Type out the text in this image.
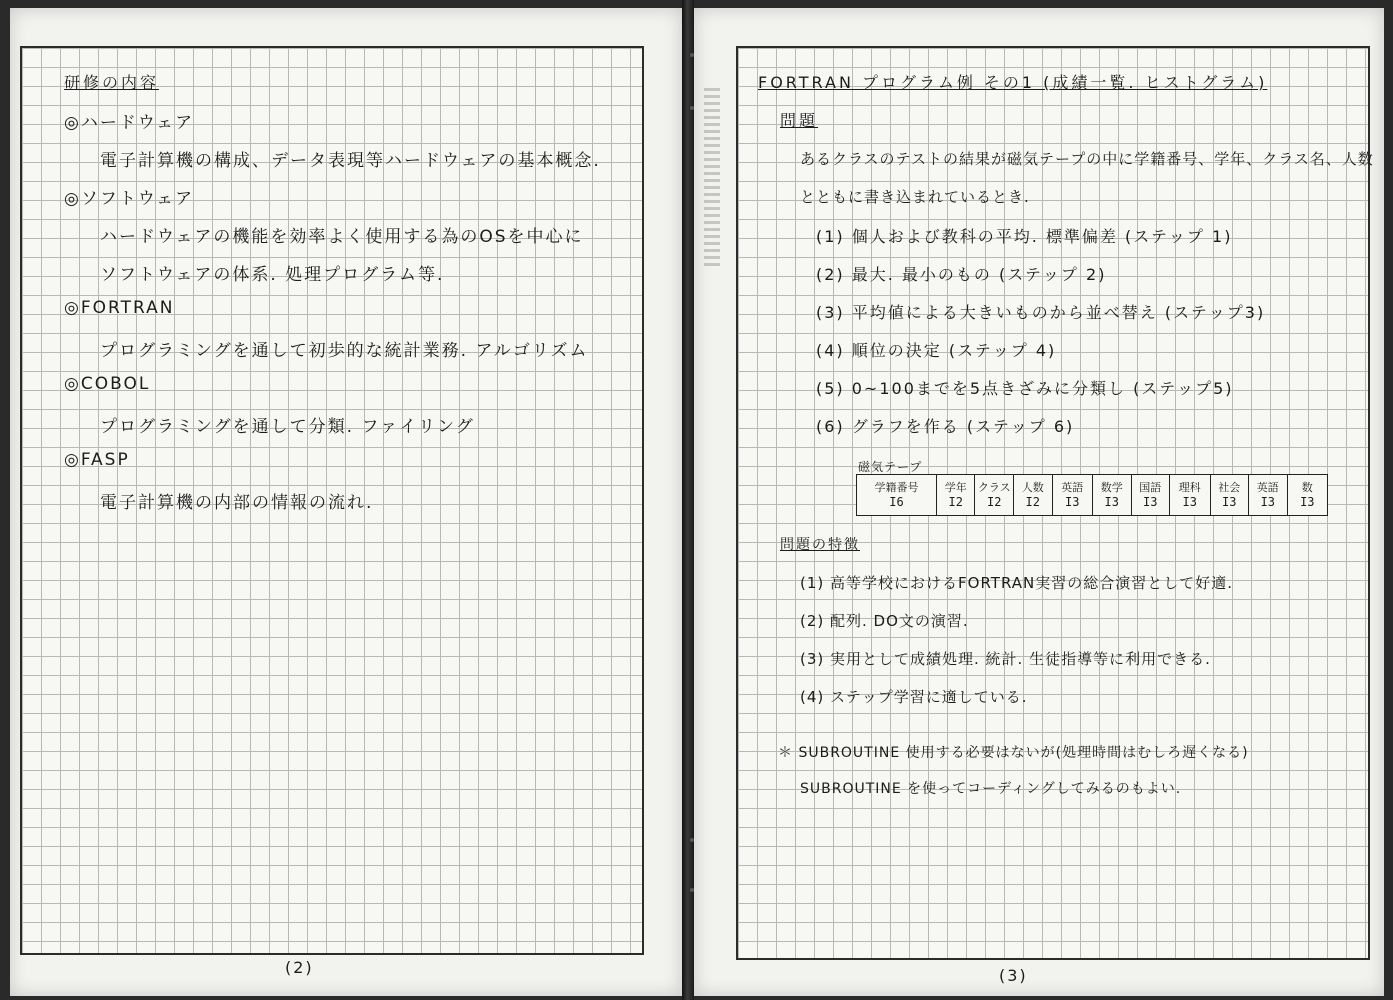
研修の内容
◎ハードウェア
電子計算機の構成、データ表現等ハードウェアの基本概念.
◎ソフトウェア
ハードウェアの機能を効率よく使用する為のOSを中心に
ソフトウェアの体系. 処理プログラム等.
◎FORTRAN
プログラミングを通して初歩的な統計業務. アルゴリズム
◎COBOL
プログラミングを通して分類. ファイリング
◎FASP
電子計算機の内部の情報の流れ.
(2)
FORTRAN プログラム例 その1 (成績一覧. ヒストグラム)
問題
あるクラスのテストの結果が磁気テープの中に学籍番号、学年、クラス名、人数
とともに書き込まれているとき.
(1) 個人および教科の平均. 標準偏差 (ステップ 1)
(2) 最大. 最小のもの (ステップ 2)
(3) 平均値による大きいものから並べ替え (ステップ3)
(4) 順位の決定 (ステップ 4)
(5) 0~100までを5点きざみに分類し (ステップ5)
(6) グラフを作る (ステップ 6)
磁気テープ
学籍番号
I6
学年
I2
クラス
I2
人数
I2
英語
I3
数学
I3
国語
I3
理科
I3
社会
I3
英語
I3
数
I3
問題の特徴
(1) 高等学校におけるFORTRAN実習の総合演習として好適.
(2) 配列. DO文の演習.
(3) 実用として成績処理. 統計. 生徒指導等に利用できる.
(4) ステップ学習に適している.
＊ SUBROUTINE 使用する必要はないが(処理時間はむしろ遅くなる)
SUBROUTINE を使ってコーディングしてみるのもよい.
(3)
